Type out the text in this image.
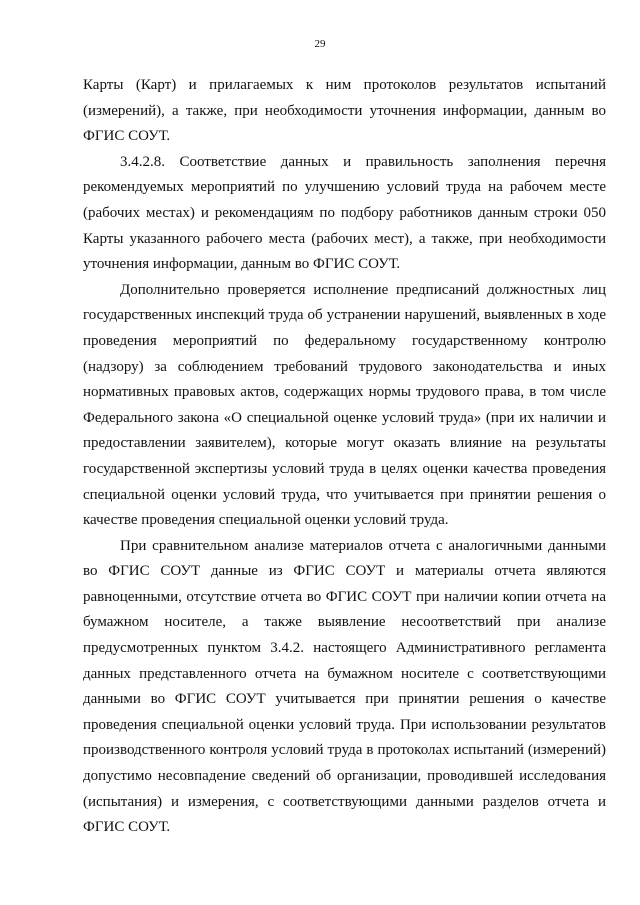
29

Карты (Карт) и прилагаемых к ним протоколов результатов испытаний (измерений), а также, при необходимости уточнения информации, данным во ФГИС СОУТ.

3.4.2.8. Соответствие данных и правильность заполнения перечня рекомендуемых мероприятий по улучшению условий труда на рабочем месте (рабочих местах) и рекомендациям по подбору работников данным строки 050 Карты указанного рабочего места (рабочих мест), а также, при необходимости уточнения информации, данным во ФГИС СОУТ.

Дополнительно проверяется исполнение предписаний должностных лиц государственных инспекций труда об устранении нарушений, выявленных в ходе проведения мероприятий по федеральному государственному контролю (надзору) за соблюдением требований трудового законодательства и иных нормативных правовых актов, содержащих нормы трудового права, в том числе Федерального закона «О специальной оценке условий труда» (при их наличии и предоставлении заявителем), которые могут оказать влияние на результаты государственной экспертизы условий труда в целях оценки качества проведения специальной оценки условий труда, что учитывается при принятии решения о качестве проведения специальной оценки условий труда.

При сравнительном анализе материалов отчета с аналогичными данными во ФГИС СОУТ данные из ФГИС СОУТ и материалы отчета являются равноценными, отсутствие отчета во ФГИС СОУТ при наличии копии отчета на бумажном носителе, а также выявление несоответствий при анализе предусмотренных пунктом 3.4.2. настоящего Административного регламента данных представленного отчета на бумажном носителе с соответствующими данными во ФГИС СОУТ учитывается при принятии решения о качестве проведения специальной оценки условий труда. При использовании результатов производственного контроля условий труда в протоколах испытаний (измерений) допустимо несовпадение сведений об организации, проводившей исследования (испытания) и измерения, с соответствующими данными разделов отчета и ФГИС СОУТ.
